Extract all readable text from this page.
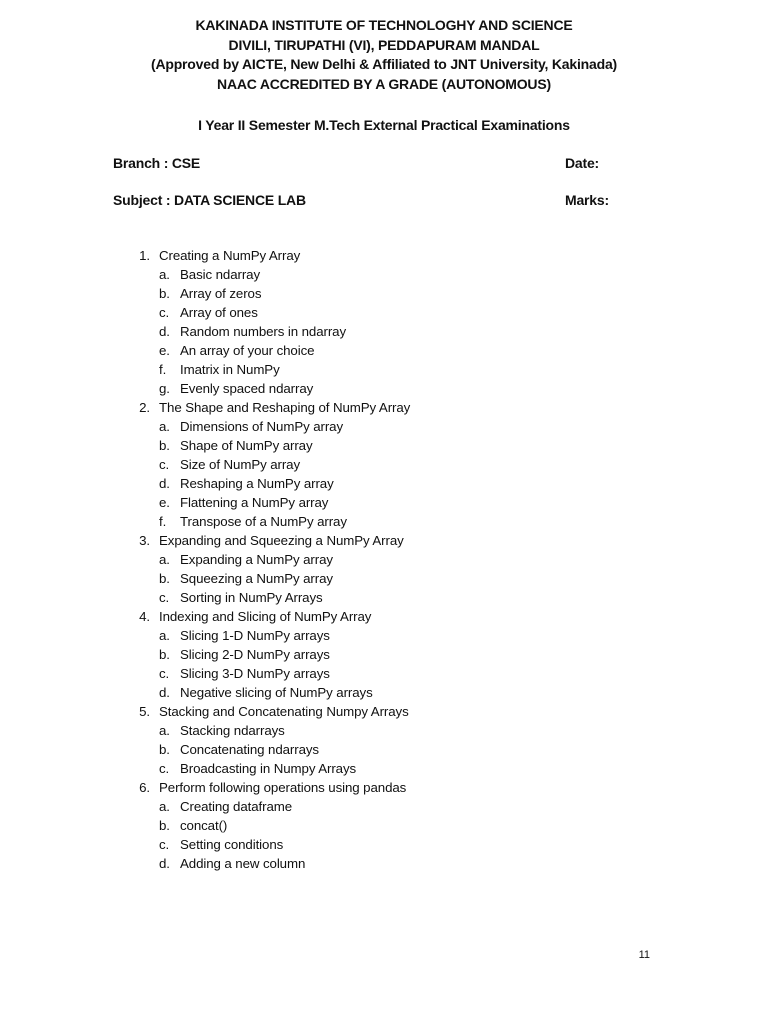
KAKINADA INSTITUTE OF TECHNOLOGHY AND SCIENCE
DIVILI, TIRUPATHI (VI), PEDDAPURAM MANDAL
(Approved by AICTE, New Delhi & Affiliated to JNT University, Kakinada)
NAAC ACCREDITED BY A GRADE (AUTONOMOUS)
I Year II Semester M.Tech External Practical Examinations
Branch : CSE	Date:
Subject : DATA SCIENCE LAB	Marks:
1. Creating a NumPy Array
a. Basic ndarray
b. Array of zeros
c. Array of ones
d. Random numbers in ndarray
e. An array of your choice
f. Imatrix in NumPy
g. Evenly spaced ndarray
2. The Shape and Reshaping of NumPy Array
a. Dimensions of NumPy array
b. Shape of NumPy array
c. Size of NumPy array
d. Reshaping a NumPy array
e. Flattening a NumPy array
f. Transpose of a NumPy array
3. Expanding and Squeezing a NumPy Array
a. Expanding a NumPy array
b. Squeezing a NumPy array
c. Sorting in NumPy Arrays
4. Indexing and Slicing of NumPy Array
a. Slicing 1-D NumPy arrays
b. Slicing 2-D NumPy arrays
c. Slicing 3-D NumPy arrays
d. Negative slicing of NumPy arrays
5. Stacking and Concatenating Numpy Arrays
a. Stacking ndarrays
b. Concatenating ndarrays
c. Broadcasting in Numpy Arrays
6. Perform following operations using pandas
a. Creating dataframe
b. concat()
c. Setting conditions
d. Adding a new column
11
